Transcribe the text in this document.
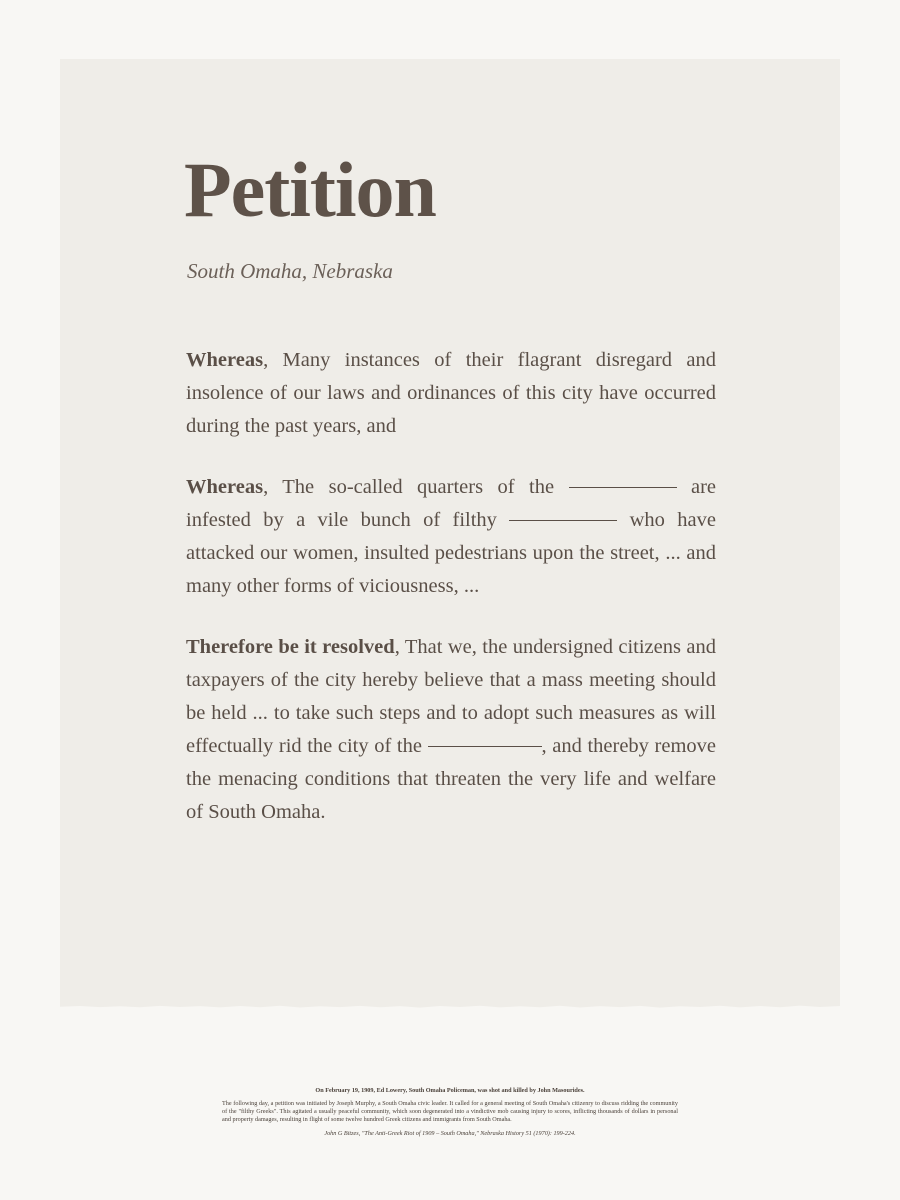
Petition

South Omaha, Nebraska

Whereas, Many instances of their flagrant disregard and insolence of our laws and ordinances of this city have occurred during the past years, and

Whereas, The so-called quarters of the	are infested by a vile bunch of filthy	who have attacked our women, insulted pedestrians upon the street, ... and many other forms of viciousness, ...

Therefore be it resolved, That we, the undersigned citizens and taxpayers of the city hereby believe that a mass meeting should be held ... to take such steps and to adopt such measures as will effectually rid the city of the	, and thereby remove the menacing conditions that threaten the very life and welfare of South Omaha.

On February 19, 1909, Ed Lowery, South Omaha Policeman, was shot and killed by John Masourides.

The following day, a petition was initiated by Joseph Murphy, a South Omaha civic leader. It called for a general meeting of South Omaha's citizenry to discuss ridding the community of the "filthy Greeks". This agitated a usually peaceful community, which soon degenerated into a vindictive mob causing injury to scores, inflicting thousands of dollars in personal and property damages, resulting in flight of some twelve hundred Greek citizens and immigrants from South Omaha.

John G Bitzes, "The Anti-Greek Riot of 1909 – South Omaha," Nebraska History 51 (1970): 199-224.
